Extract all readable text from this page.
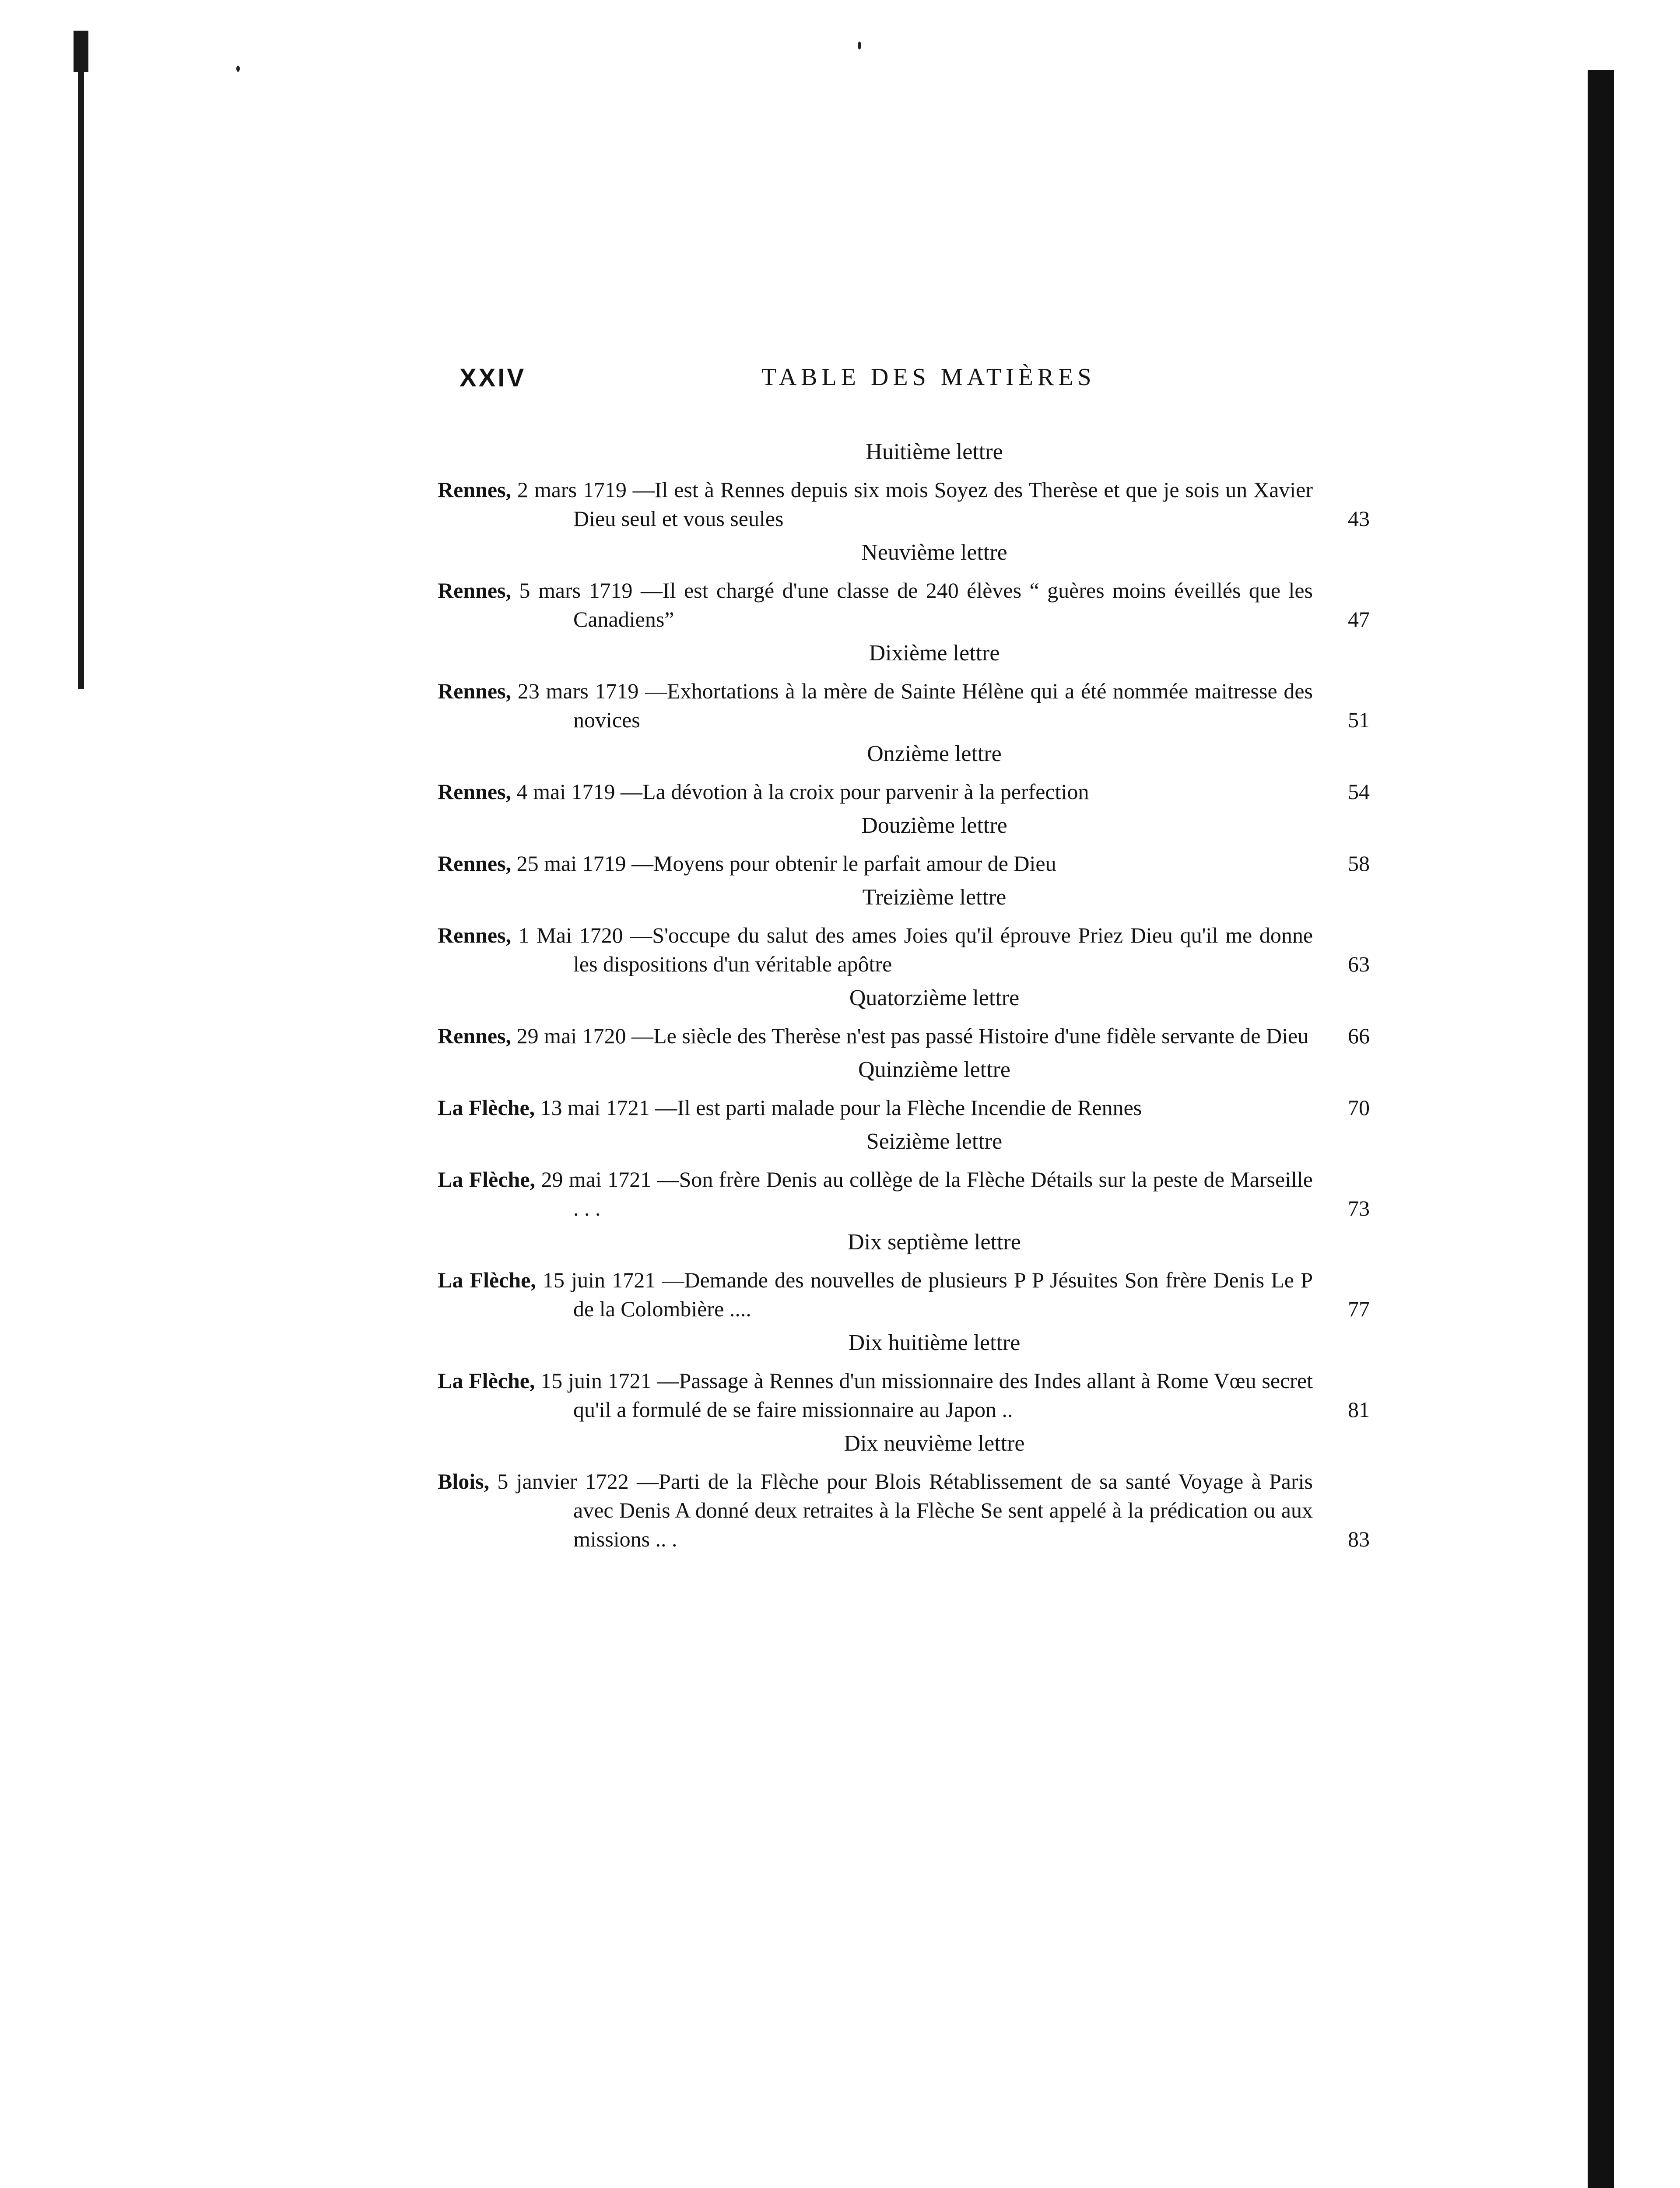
XXIV	TABLE DES MATIÈRES
Huitième lettre
Rennes, 2 mars 1719 —Il est à Rennes depuis six mois Soyez des Therèse et que je sois un Xavier Dieu seul et vous seules	43
Neuvième lettre
Rennes, 5 mars 1719 —Il est chargé d'une classe de 240 élèves “ guères moins éveillés que les Canadiens”	47
Dixième lettre
Rennes, 23 mars 1719 —Exhortations à la mère de Sainte Hélène qui a été nommée maitresse des novices	51
Onzième lettre
Rennes, 4 mai 1719 —La dévotion à la croix pour parvenir à la perfection	54
Douzième lettre
Rennes, 25 mai 1719 —Moyens pour obtenir le parfait amour de Dieu	58
Treizième lettre
Rennes, 1 Mai 1720 —S'occupe du salut des ames Joies qu'il éprouve Priez Dieu qu'il me donne les dispositions d'un véritable apôtre	63
Quatorzième lettre
Rennes, 29 mai 1720 —Le siècle des Therèse n'est pas passé Histoire d'une fidèle servante de Dieu 66
Quinzième lettre
La Flèche, 13 mai 1721 —Il est parti malade pour la Flèche Incendie de Rennes	70
Seizième lettre
La Flèche, 29 mai 1721 —Son frère Denis au collège de la Flèche Détails sur la peste de Marseille . . .	73
Dix septième lettre
La Flèche, 15 juin 1721 —Demande des nouvelles de plusieurs P P Jésuites Son frère Denis Le P de la Colombière ....	77
Dix huitième lettre
La Flèche, 15 juin 1721 —Passage à Rennes d'un missionnaire des Indes allant à Rome Vœu secret qu'il a formulé de se faire missionnaire au Japon ..	81
Dix neuvième lettre
Blois, 5 janvier 1722 —Parti de la Flèche pour Blois Rétablissement de sa santé Voyage à Paris avec Denis A donné deux retraites à la Flèche Se sent appelé à la prédication ou aux missions .. .	83
